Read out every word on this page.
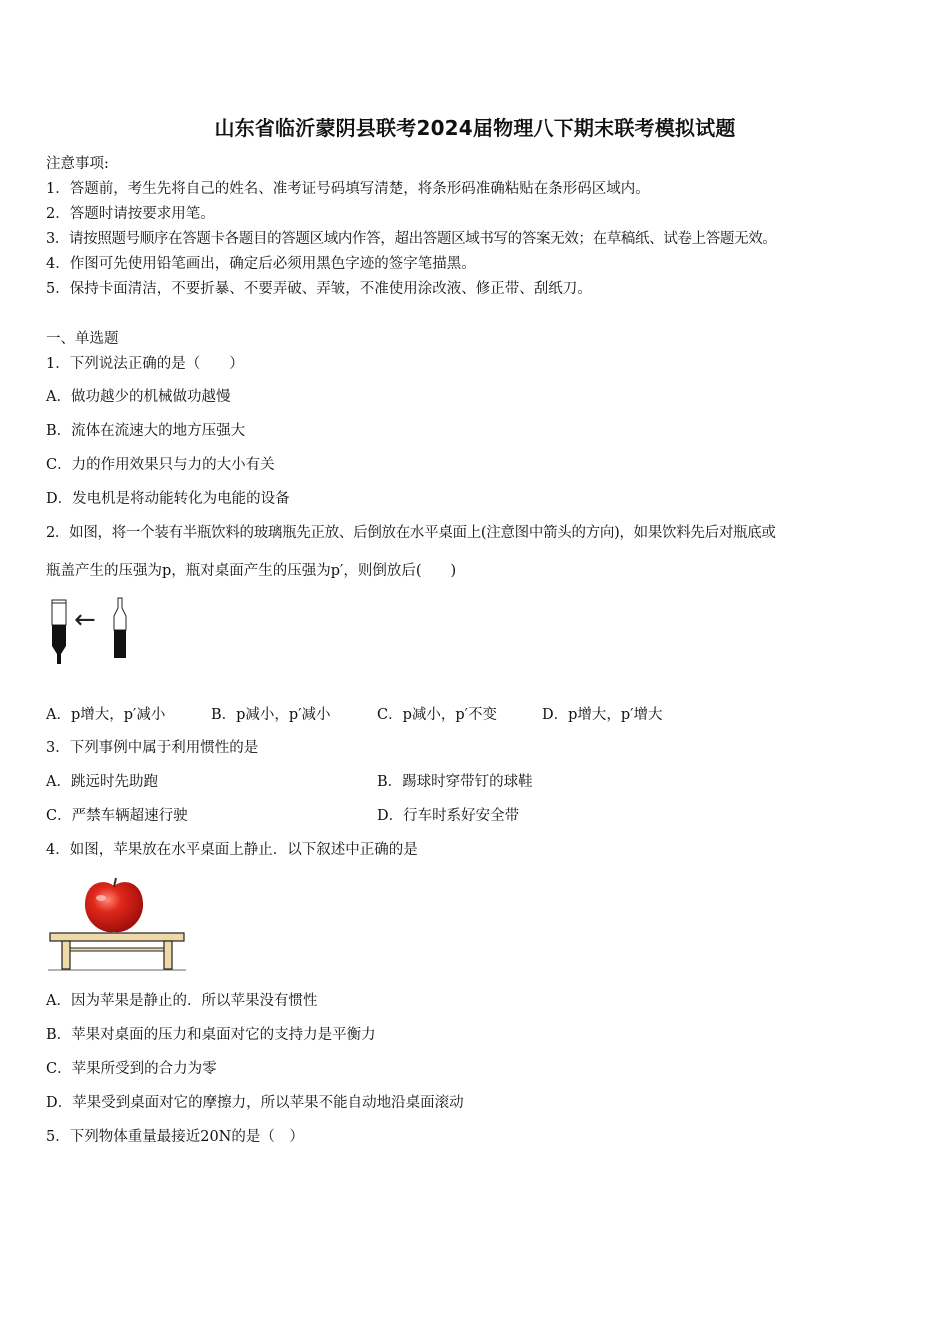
山东省临沂蒙阴县联考2024届物理八下期末联考模拟试题
注意事项:
1．答题前，考生先将自己的姓名、准考证号码填写清楚，将条形码准确粘贴在条形码区域内。
2．答题时请按要求用笔。
3．请按照题号顺序在答题卡各题目的答题区域内作答，超出答题区域书写的答案无效；在草稿纸、试卷上答题无效。
4．作图可先使用铅笔画出，确定后必须用黑色字迹的签字笔描黑。
5．保持卡面清洁，不要折暴、不要弄破、弄皱，不准使用涂改液、修正带、刮纸刀。
一、单选题
1．下列说法正确的是（　　）
A．做功越少的机械做功越慢
B．流体在流速大的地方压强大
C．力的作用效果只与力的大小有关
D．发电机是将动能转化为电能的设备
2．如图，将一个装有半瓶饮料的玻璃瓶先正放、后倒放在水平桌面上(注意图中箭头的方向)，如果饮料先后对瓶底或
瓶盖产生的压强为p，瓶对桌面产生的压强为p′，则倒放后(　　)
←
A．p增大，p′减小	B．p减小，p′减小	C．p减小，p′不变	D．p增大，p′增大
3．下列事例中属于利用惯性的是
A．跳远时先助跑	B．踢球时穿带钉的球鞋
C．严禁车辆超速行驶	D．行车时系好安全带
4．如图，苹果放在水平桌面上静止．以下叙述中正确的是
A．因为苹果是静止的．所以苹果没有惯性
B．苹果对桌面的压力和桌面对它的支持力是平衡力
C．苹果所受到的合力为零
D．苹果受到桌面对它的摩擦力，所以苹果不能自动地沿桌面滚动
5．下列物体重量最接近20N的是（　）
